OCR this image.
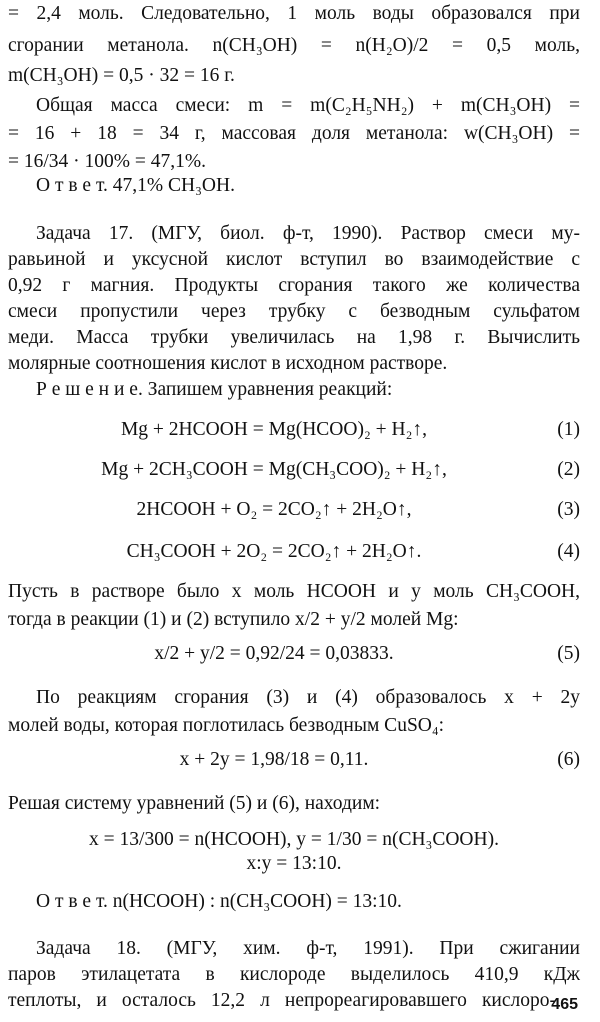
= 2,4 моль. Следовательно, 1 моль воды образовался при
сгорании метанола. n(CH₃OH) = n(H₂O)/2 = 0,5 моль,
m(CH₃OH) = 0,5 · 32 = 16 г.
Общая масса смеси: m = m(C₂H₅NH₂) + m(CH₃OH) =
= 16 + 18 = 34 г, массовая доля метанола: w(CH₃OH) =
= 16/34 · 100% = 47,1%.
О т в е т. 47,1% CH₃OH.
Задача 17. (МГУ, биол. ф-т, 1990). Раствор смеси му-
равьиной и уксусной кислот вступил во взаимодействие с
0,92 г магния. Продукты сгорания такого же количества
смеси пропустили через трубку с безводным сульфатом
меди. Масса трубки увеличилась на 1,98 г. Вычислить
молярные соотношения кислот в исходном растворе.
Р е ш е н и е. Запишем уравнения реакций:
Mg + 2HCOOH = Mg(HCOO)₂ + H₂↑,	(1)
Mg + 2CH₃COOH = Mg(CH₃COO)₂ + H₂↑,	(2)
2HCOOH + O₂ = 2CO₂↑ + 2H₂O↑,	(3)
CH₃COOH + 2O₂ = 2CO₂↑ + 2H₂O↑.	(4)
Пусть в растворе было x моль HCOOH и y моль CH₃COOH,
тогда в реакции (1) и (2) вступило x/2 + y/2 молей Mg:
x/2 + y/2 = 0,92/24 = 0,03833.	(5)
По реакциям сгорания (3) и (4) образовалось x + 2y
молей воды, которая поглотилась безводным CuSO₄:
x + 2y = 1,98/18 = 0,11.	(6)
Решая систему уравнений (5) и (6), находим:
x = 13/300 = n(HCOOH), y = 1/30 = n(CH₃COOH).
x:y = 13:10.
О т в е т. n(HCOOH) : n(CH₃COOH) = 13:10.
Задача 18. (МГУ, хим. ф-т, 1991). При сжигании
паров этилацетата в кислороде выделилось 410,9 кДж
теплоты, и осталось 12,2 л непрореагировавшего кислоро-
465
